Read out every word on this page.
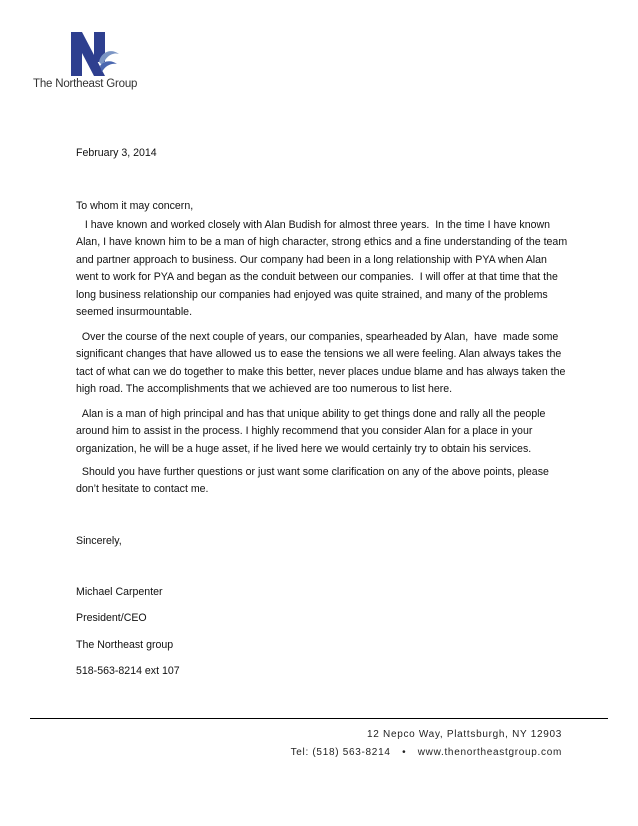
The Northeast Group
February 3, 2014
To whom it may concern,
I have known and worked closely with Alan Budish for almost three years.  In the time I have known Alan, I have known him to be a man of high character, strong ethics and a fine understanding of the team and partner approach to business. Our company had been in a long relationship with PYA when Alan went to work for PYA and began as the conduit between our companies.  I will offer at that time that the long business relationship our companies had enjoyed was quite strained, and many of the problems seemed insurmountable.
Over the course of the next couple of years, our companies, spearheaded by Alan,  have  made some significant changes that have allowed us to ease the tensions we all were feeling. Alan always takes the tact of what can we do together to make this better, never places undue blame and has always taken the high road. The accomplishments that we achieved are too numerous to list here.
Alan is a man of high principal and has that unique ability to get things done and rally all the people around him to assist in the process. I highly recommend that you consider Alan for a place in your organization, he will be a huge asset, if he lived here we would certainly try to obtain his services.
Should you have further questions or just want some clarification on any of the above points, please don’t hesitate to contact me.
Sincerely,
Michael Carpenter
President/CEO
The Northeast group
518-563-8214 ext 107
12 Nepco Way, Plattsburgh, NY 12903
Tel: (518) 563-8214 • www.thenortheastgroup.com
